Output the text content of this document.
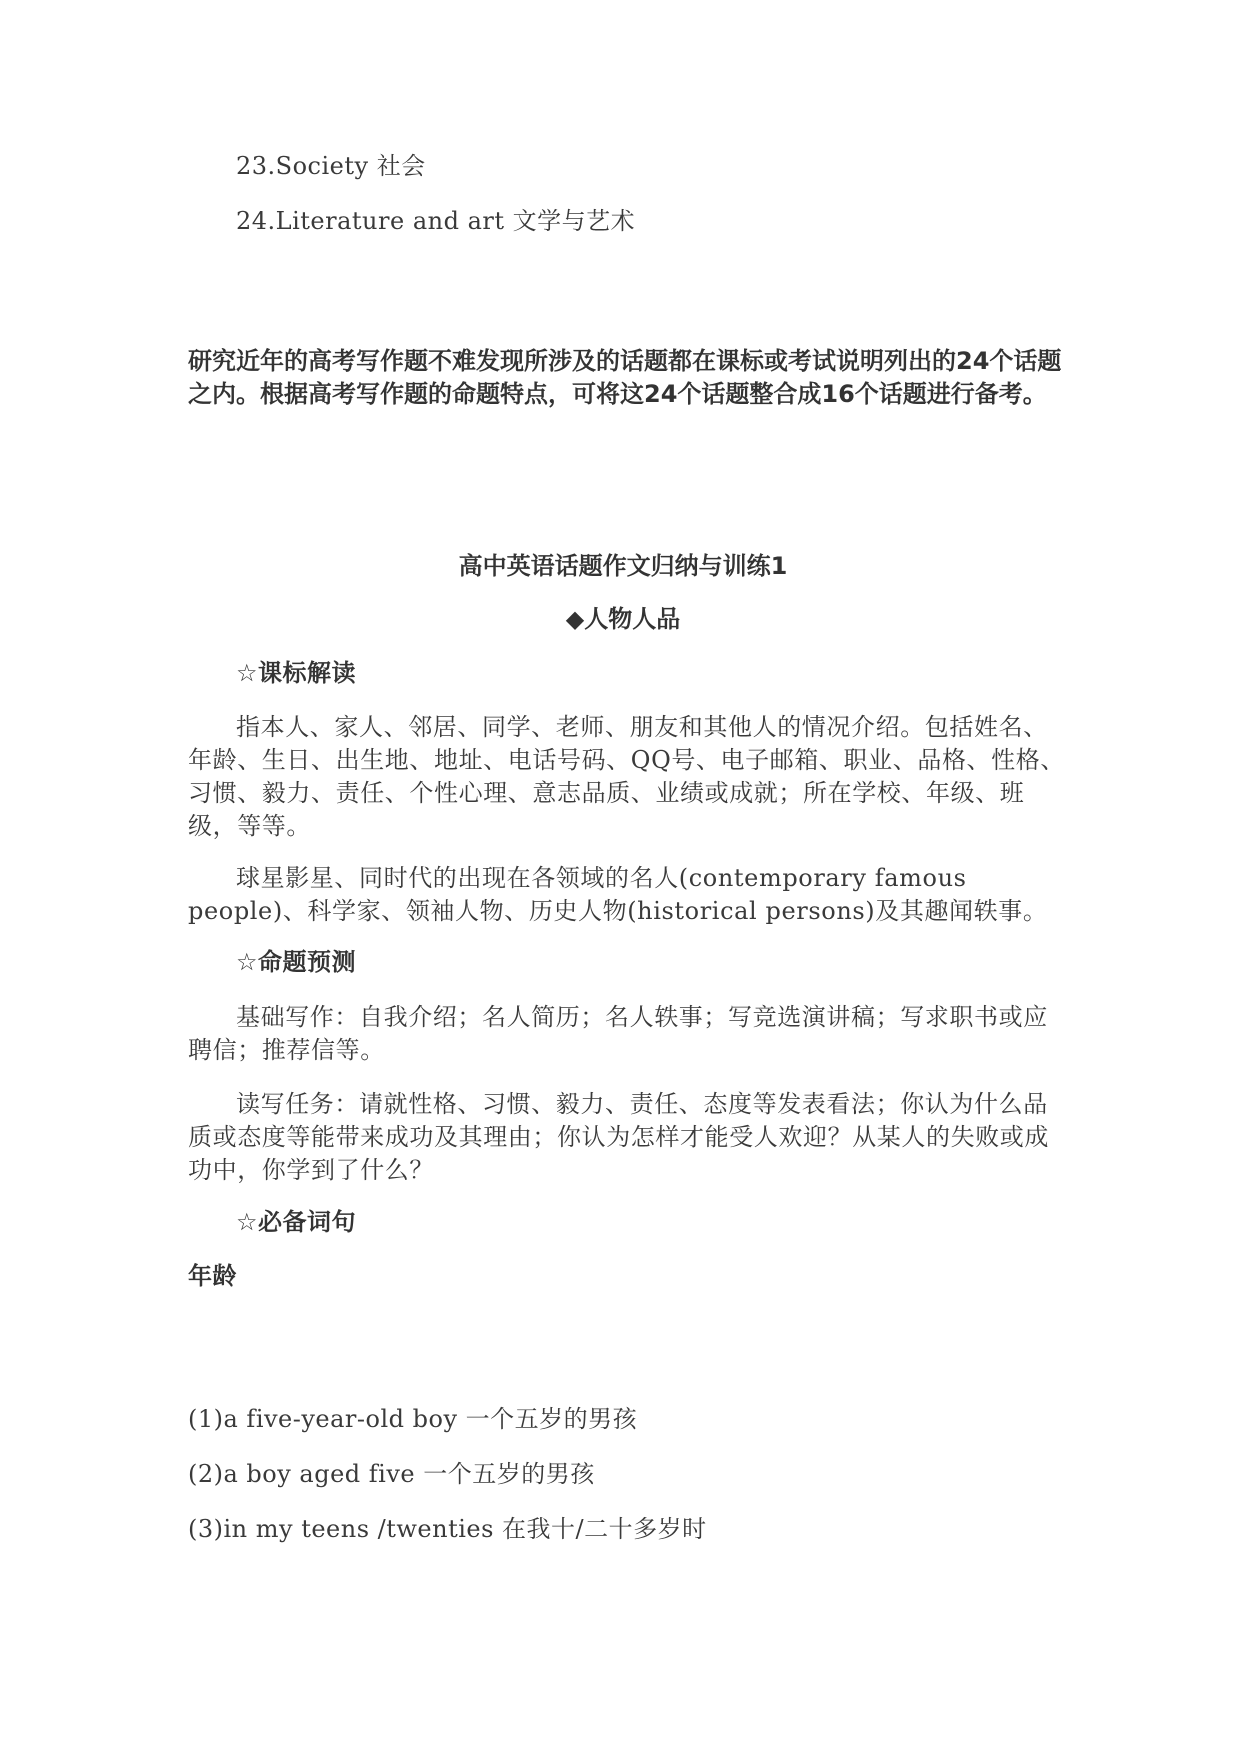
23.Society 社会
24.Literature and art 文学与艺术
研究近年的高考写作题不难发现所涉及的话题都在课标或考试说明列出的24个话题之内。根据高考写作题的命题特点，可将这24个话题整合成16个话题进行备考。
高中英语话题作文归纳与训练1
◆人物人品
☆课标解读
指本人、家人、邻居、同学、老师、朋友和其他人的情况介绍。包括姓名、年龄、生日、出生地、地址、电话号码、QQ号、电子邮箱、职业、品格、性格、习惯、毅力、责任、个性心理、意志品质、业绩或成就；所在学校、年级、班级，等等。
球星影星、同时代的出现在各领域的名人(contemporary famous people)、科学家、领袖人物、历史人物(historical persons)及其趣闻轶事。
☆命题预测
基础写作：自我介绍；名人简历；名人轶事；写竞选演讲稿；写求职书或应聘信；推荐信等。
读写任务：请就性格、习惯、毅力、责任、态度等发表看法；你认为什么品质或态度等能带来成功及其理由；你认为怎样才能受人欢迎？从某人的失败或成功中，你学到了什么？
☆必备词句
年龄
(1)a five-year-old boy 一个五岁的男孩
(2)a boy aged five 一个五岁的男孩
(3)in my teens /twenties 在我十/二十多岁时
